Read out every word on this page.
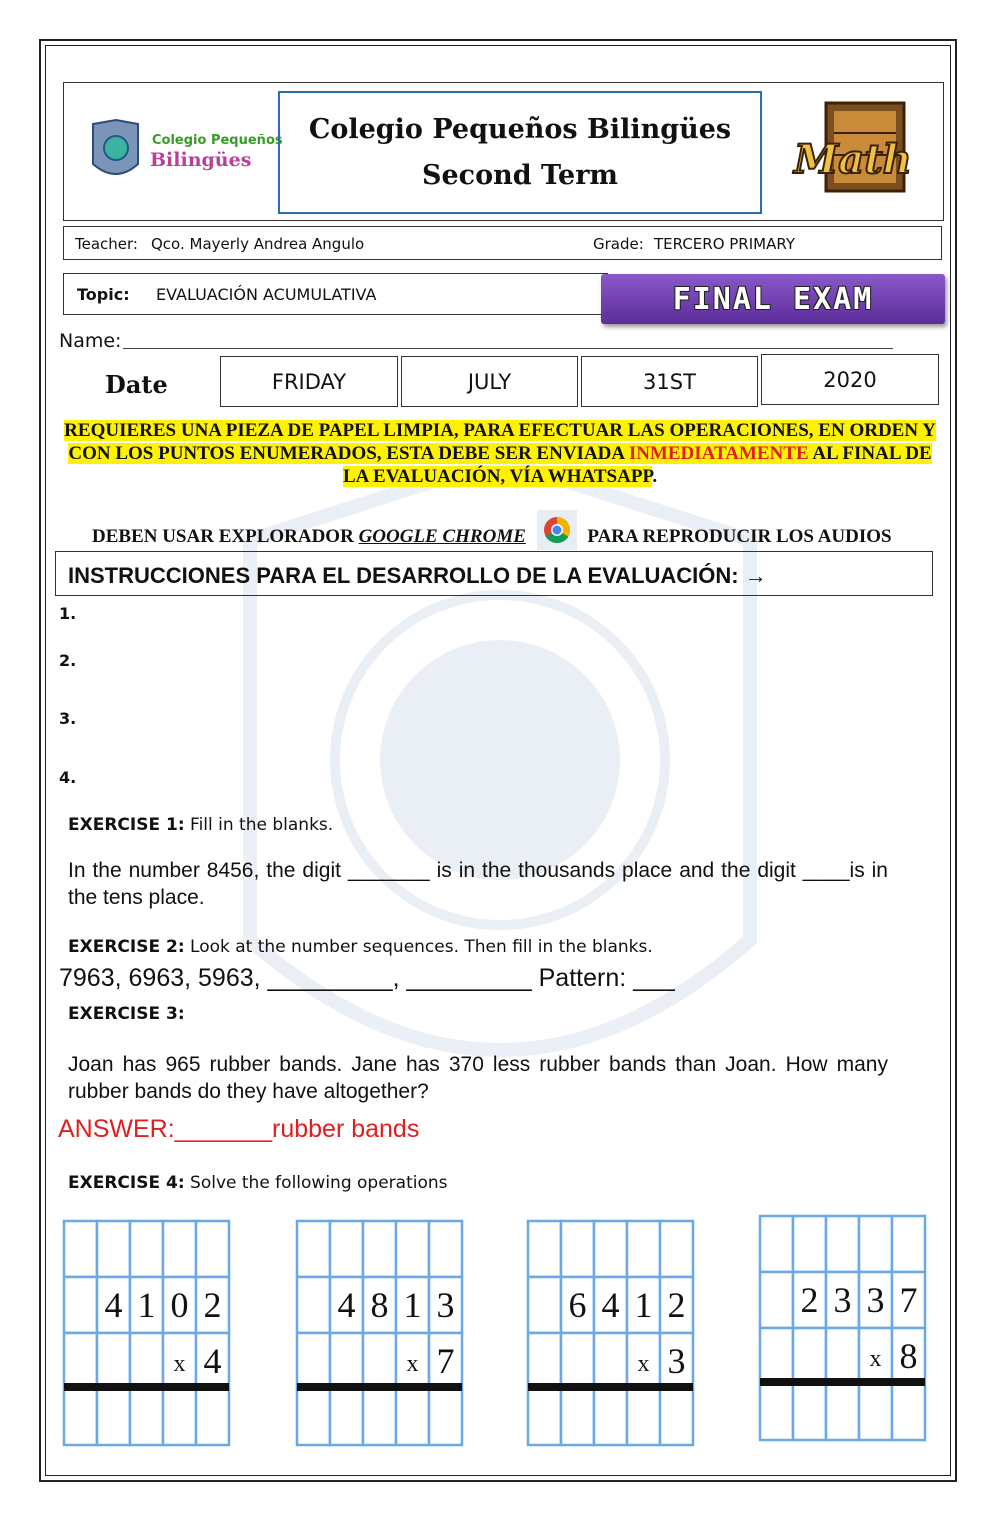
Colegio Pequeños
Bilingües
Colegio Pequeños Bilingües
Second Term	Math
Teacher: Qco. Mayerly Andrea Angulo	Grade: TERCERO PRIMARY
Topic: EVALUACIÓN ACUMULATIVA	FINAL EXAM
Name:
Date	FRIDAY	JULY	31ST	2020
REQUIERES UNA PIEZA DE PAPEL LIMPIA, PARA EFECTUAR LAS OPERACIONES, EN ORDEN Y CON LOS PUNTOS ENUMERADOS, ESTA DEBE SER ENVIADA INMEDIATAMENTE AL FINAL DE LA EVALUACIÓN, VÍA WHATSAPP.
DEBEN USAR EXPLORADOR GOOGLE CHROME	PARA REPRODUCIR LOS AUDIOS
INSTRUCCIONES PARA EL DESARROLLO DE LA EVALUACIÓN: →
1.
2.
3.
4.
EXERCISE 1: Fill in the blanks.
In the number 8456, the digit _______ is in the thousands place and the digit ____is in the tens place.
EXERCISE 2: Look at the number sequences. Then fill in the blanks.
7963, 6963, 5963, _________, _________ Pattern: ___
EXERCISE 3:
Joan has 965 rubber bands. Jane has 370 less rubber bands than Joan. How many rubber bands do they have altogether?
ANSWER:_______rubber bands
EXERCISE 4: Solve the following operations
4 1 0 2
x 4
4 8 1 3
x 7
6 4 1 2
x 3
2 3 3 7
x 8
